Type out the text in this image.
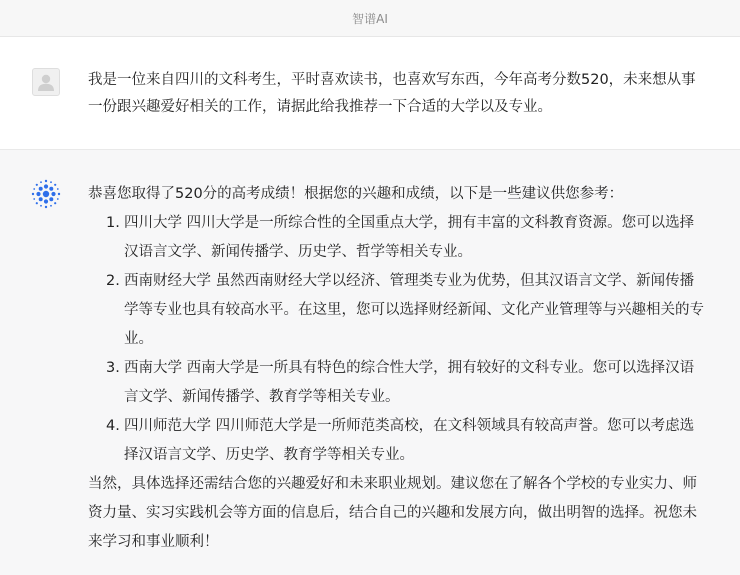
智谱AI
我是一位来自四川的文科考生，平时喜欢读书，也喜欢写东西，今年高考分数520，未来想从事一份跟兴趣爱好相关的工作，请据此给我推荐一下合适的大学以及专业。

恭喜您取得了520分的高考成绩！根据您的兴趣和成绩，以下是一些建议供您参考：

1. 四川大学 四川大学是一所综合性的全国重点大学，拥有丰富的文科教育资源。您可以选择汉语言文学、新闻传播学、历史学、哲学等相关专业。
2. 西南财经大学 虽然西南财经大学以经济、管理类专业为优势，但其汉语言文学、新闻传播学等专业也具有较高水平。在这里，您可以选择财经新闻、文化产业管理等与兴趣相关的专业。
3. 西南大学 西南大学是一所具有特色的综合性大学，拥有较好的文科专业。您可以选择汉语言文学、新闻传播学、教育学等相关专业。
4. 四川师范大学 四川师范大学是一所师范类高校，在文科领域具有较高声誉。您可以考虑选择汉语言文学、历史学、教育学等相关专业。

当然，具体选择还需结合您的兴趣爱好和未来职业规划。建议您在了解各个学校的专业实力、师资力量、实习实践机会等方面的信息后，结合自己的兴趣和发展方向，做出明智的选择。祝您未来学习和事业顺利！
